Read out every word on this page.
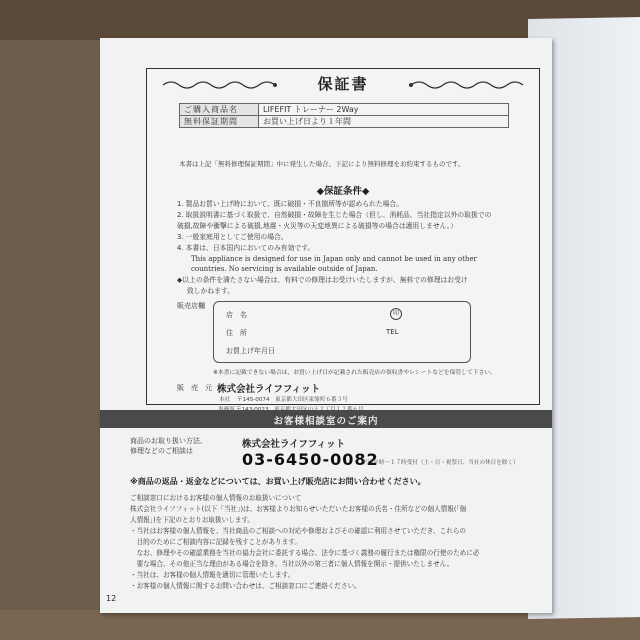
保証書
ご購入商品名	LIFEFIT トレーナー 2Way
無料保証期間	お買い上げ日より１年間
本書は上記「無料修理保証期間」中に発生した場合、下記により無料修理をお約束するものです。
◆保証条件◆
1. 製品お買い上げ時において、既に破損・不良箇所等が認められた場合。
2. 取扱説明書に基づく取扱で、自然破損・故障を生じた場合（但し、消耗品、当社指定以外の取扱での
破損,故障や衝撃による破損,地震・火災等の天変地異による破損等の場合は適用しません。）
3. 一般家庭用としてご使用の場合。
4. 本書は、日本国内においてのみ有効です。
This appliance is designed for use in Japan only and cannot be used in any other
countries. No servicing is available outside of Japan.
◆以上の条件を満たさない場合は、有料での修理はお受けいたしますが、無料での修理はお受け
致しかねます。
販売店欄
店　名	印
住　所	TEL
お買上げ年月日
※本書に記載できない場合は、お買い上げ日が記載された販売店の領収書やレシートなどを保管して下さい。
販　売　元 株式会社ライフフィット
本社 〒145-0074　東京都大田区東嶺町６番３号
お客様相談室のご案内
商品のお取り扱い方法、
修理などのご相談は
株式会社ライフフィット
03-6450-0082
平日９時～１７時受付（土・日・祝祭日、当社の休日を除く）
※商品の返品・返金などについては、お買い上げ販売店にお問い合わせください。
ご相談窓口におけるお客様の個人情報のお取扱いについて
株式会社ライフフィット(以下「当社」)は、お客様よりお知らせいただいたお客様の氏名・住所などの個人情報(「個
人情報」)を下記のとおりお取扱いします。
・当社はお客様の個人情報を、当社商品のご相談への対応や修理およびその確認に利用させていただき、これらの
　目的のためにご相談内容に記録を残すことがあります。
　なお、修理やその確認業務を当社の協力会社に委託する場合、法令に基づく義務の履行または権限の行使のために必
　要な場合、その他正当な理由がある場合を除き、当社以外の第三者に個人情報を開示・提供いたしません。
・当社は、お客様の個人情報を適切に管理いたします。
・お客様の個人情報に関するお問い合わせは、ご相談窓口にご連絡ください。
12
